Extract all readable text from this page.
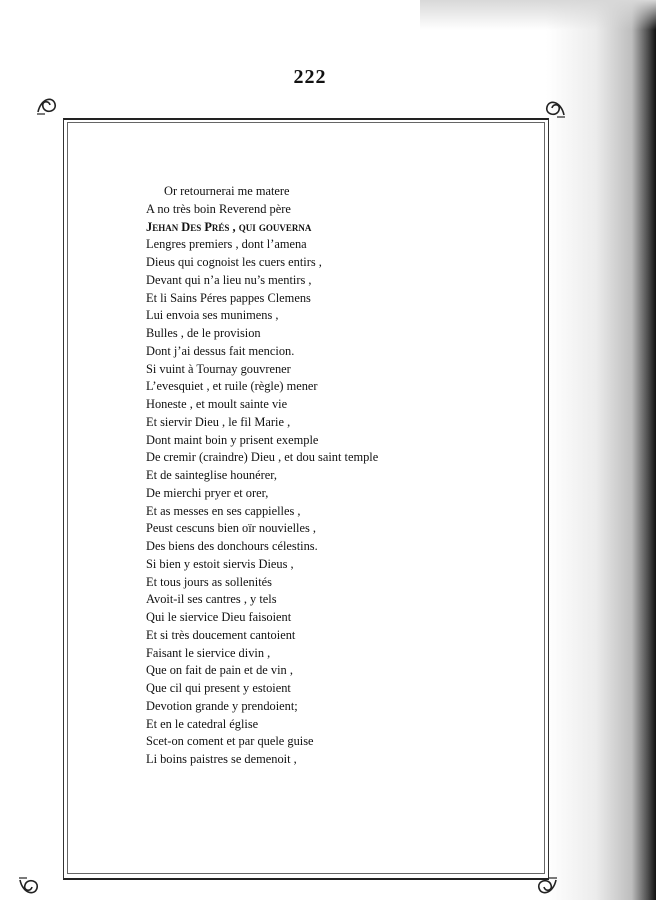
222
Or retournerai me matere
A no très boin Reverend père
Jehan Des Prés , qui gouverna
Lengres premiers , dont l’amena
Dieus qui cognoist les cuers entirs ,
Devant qui n’a lieu nu’s mentirs ,
Et li Sains Péres pappes Clemens
Lui envoia ses munimens ,
Bulles , de le provision
Dont j’ai dessus fait mencion.
Si vuint à Tournay gouvrener
L’evesquiet , et ruile (règle) mener
Honeste , et moult sainte vie
Et siervir Dieu , le fil Marie ,
Dont maint boin y prisent exemple
De cremir (craindre) Dieu , et dou saint temple
Et de sainteglise hounérer,
De mierchi pryer et orer,
Et as messes en ses cappielles ,
Peust cescuns bien oïr nouvielles ,
Des biens des donchours célestins.
Si bien y estoit siervis Dieus ,
Et tous jours as sollenités
Avoit-il ses cantres , y tels
Qui le siervice Dieu faisoient
Et si très doucement cantoient
Faisant le siervice divin ,
Que on fait de pain et de vin ,
Que cil qui present y estoient
Devotion grande y prendoient;
Et en le catedral église
Scet-on coment et par quele guise
Li boins paistres se demenoit ,
